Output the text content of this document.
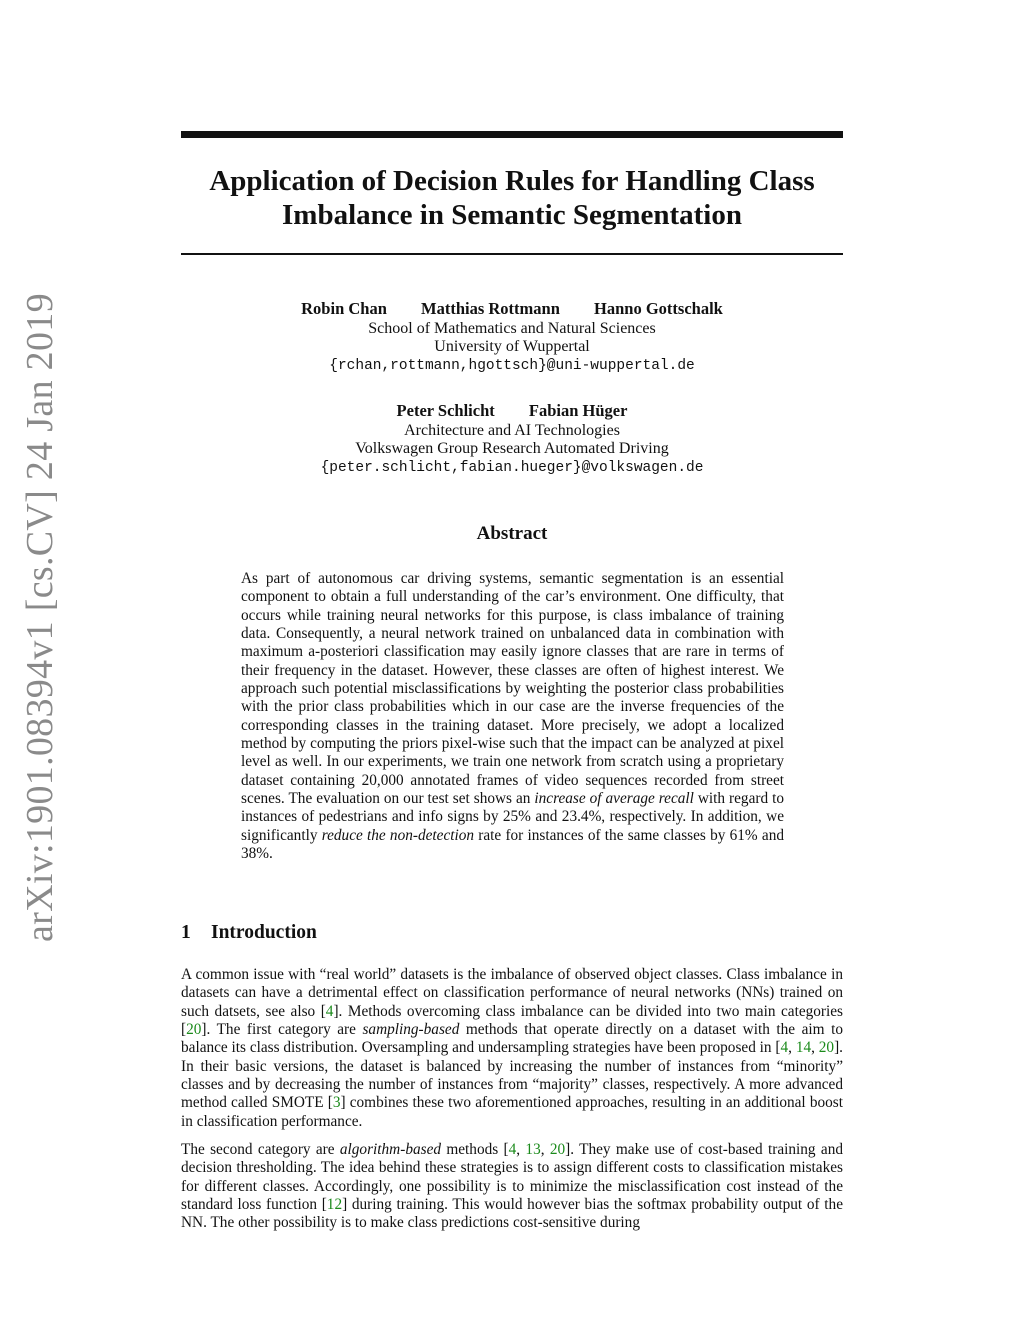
arXiv:1901.08394v1 [cs.CV] 24 Jan 2019
Application of Decision Rules for Handling Class
Imbalance in Semantic Segmentation
Robin Chan Matthias Rottmann Hanno Gottschalk
School of Mathematics and Natural Sciences
University of Wuppertal
{rchan,rottmann,hgottsch}@uni-wuppertal.de
Peter Schlicht Fabian Hüger
Architecture and AI Technologies
Volkswagen Group Research Automated Driving
{peter.schlicht,fabian.hueger}@volkswagen.de
Abstract

As part of autonomous car driving systems, semantic segmentation is an essential component to obtain a full understanding of the car’s environment. One difficulty, that occurs while training neural networks for this purpose, is class imbalance of training data. Consequently, a neural network trained on unbalanced data in combination with maximum a-posteriori classification may easily ignore classes that are rare in terms of their frequency in the dataset. However, these classes are often of highest interest. We approach such potential misclassifications by weighting the posterior class probabilities with the prior class probabilities which in our case are the inverse frequencies of the corresponding classes in the training dataset. More precisely, we adopt a localized method by computing the priors pixel-wise such that the impact can be analyzed at pixel level as well. In our experiments, we train one network from scratch using a proprietary dataset containing 20,000 annotated frames of video sequences recorded from street scenes. The evaluation on our test set shows an increase of average recall with regard to instances of pedestrians and info signs by 25% and 23.4%, respectively. In addition, we significantly reduce the non-detection rate for instances of the same classes by 61% and 38%.

1 Introduction

A common issue with “real world” datasets is the imbalance of observed object classes. Class imbalance in datasets can have a detrimental effect on classification performance of neural networks (NNs) trained on such datsets, see also [4]. Methods overcoming class imbalance can be divided into two main categories [20]. The first category are sampling-based methods that operate directly on a dataset with the aim to balance its class distribution. Oversampling and undersampling strategies have been proposed in [4, 14, 20]. In their basic versions, the dataset is balanced by increasing the number of instances from “minority” classes and by decreasing the number of instances from “majority” classes, respectively. A more advanced method called SMOTE [3] combines these two aforementioned approaches, resulting in an additional boost in classification performance.

The second category are algorithm-based methods [4, 13, 20]. They make use of cost-based training and decision thresholding. The idea behind these strategies is to assign different costs to classification mistakes for different classes. Accordingly, one possibility is to minimize the misclassification cost instead of the standard loss function [12] during training. This would however bias the softmax probability output of the NN. The other possibility is to make class predictions cost-sensitive during
